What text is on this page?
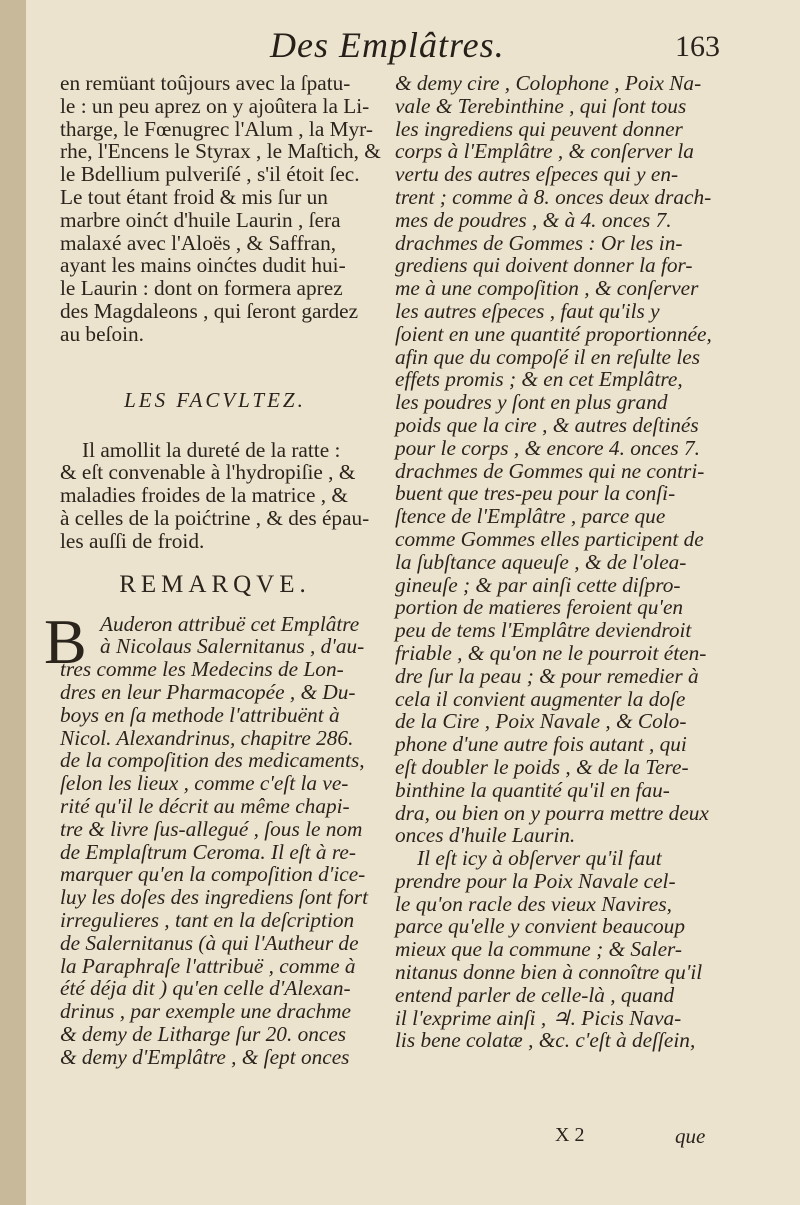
Des Emplâtres.	163
en remüant toûjours avec la ſpatu-
le : un peu aprez on y ajoûtera la Li-
tharge, le Fœnugrec l'Alum , la Myr-
rhe, l'Encens le Styrax , le Maſtich, &
le Bdellium pulveriſé , s'il étoit ſec.
Le tout étant froid & mis ſur un
marbre oinćt d'huile Laurin , ſera
malaxé avec l'Aloës , & Saffran,
ayant les mains oinćtes dudit hui-
le Laurin : dont on formera aprez
des Magdaleons , qui ſeront gardez
au beſoin.
LES FACVLTEZ.
Il amollit la dureté de la ratte :
& eſt convenable à l'hydropiſie , &
maladies froides de la matrice , &
à celles de la poićtrine , & des épau-
les auſſi de froid.
REMARQVE.
B Auderon attribuë cet Emplâtre
à Nicolaus Salernitanus , d'au-
tres comme les Medecins de Lon-
dres en leur Pharmacopée , & Du-
boys en ſa methode l'attribuënt à
Nicol. Alexandrinus, chapitre 286.
de la compoſition des medicaments,
ſelon les lieux , comme c'eſt la ve-
rité qu'il le décrit au même chapi-
tre & livre ſus-allegué , ſous le nom
de Emplaſtrum Ceroma. Il eſt à re-
marquer qu'en la compoſition d'ice-
luy les doſes des ingrediens ſont fort
irregulieres , tant en la deſcription
de Salernitanus (à qui l'Autheur de
la Paraphraſe l'attribuë , comme à
été déja dit ) qu'en celle d'Alexan-
drinus , par exemple une drachme
& demy de Litharge ſur 20. onces
& demy d'Emplâtre , & ſept onces
& demy cire , Colophone , Poix Na-
vale & Terebinthine , qui ſont tous
les ingrediens qui peuvent donner
corps à l'Emplâtre , & conſerver la
vertu des autres eſpeces qui y en-
trent ; comme à 8. onces deux drach-
mes de poudres , & à 4. onces 7.
drachmes de Gommes : Or les in-
grediens qui doivent donner la for-
me à une compoſition , & conſerver
les autres eſpeces , faut qu'ils y
ſoient en une quantité proportionnée,
afin que du compoſé il en reſulte les
effets promis ; & en cet Emplâtre,
les poudres y ſont en plus grand
poids que la cire , & autres deſtinés
pour le corps , & encore 4. onces 7.
drachmes de Gommes qui ne contri-
buent que tres-peu pour la conſi-
ſtence de l'Emplâtre , parce que
comme Gommes elles participent de
la ſubſtance aqueuſe , & de l'olea-
gineuſe ; & par ainſi cette diſpro-
portion de matieres feroient qu'en
peu de tems l'Emplâtre deviendroit
friable , & qu'on ne le pourroit éten-
dre ſur la peau ; & pour remedier à
cela il convient augmenter la doſe
de la Cire , Poix Navale , & Colo-
phone d'une autre fois autant , qui
eſt doubler le poids , & de la Tere-
binthine la quantité qu'il en fau-
dra, ou bien on y pourra mettre deux
onces d'huile Laurin.
Il eſt icy à obſerver qu'il faut
prendre pour la Poix Navale cel-
le qu'on racle des vieux Navires,
parce qu'elle y convient beaucoup
mieux que la commune ; & Saler-
nitanus donne bien à connoître qu'il
entend parler de celle-là , quand
il l'exprime ainſi , ♃. Picis Nava-
lis bene colatæ , &c. c'eſt à deſſein,
X 2	que
